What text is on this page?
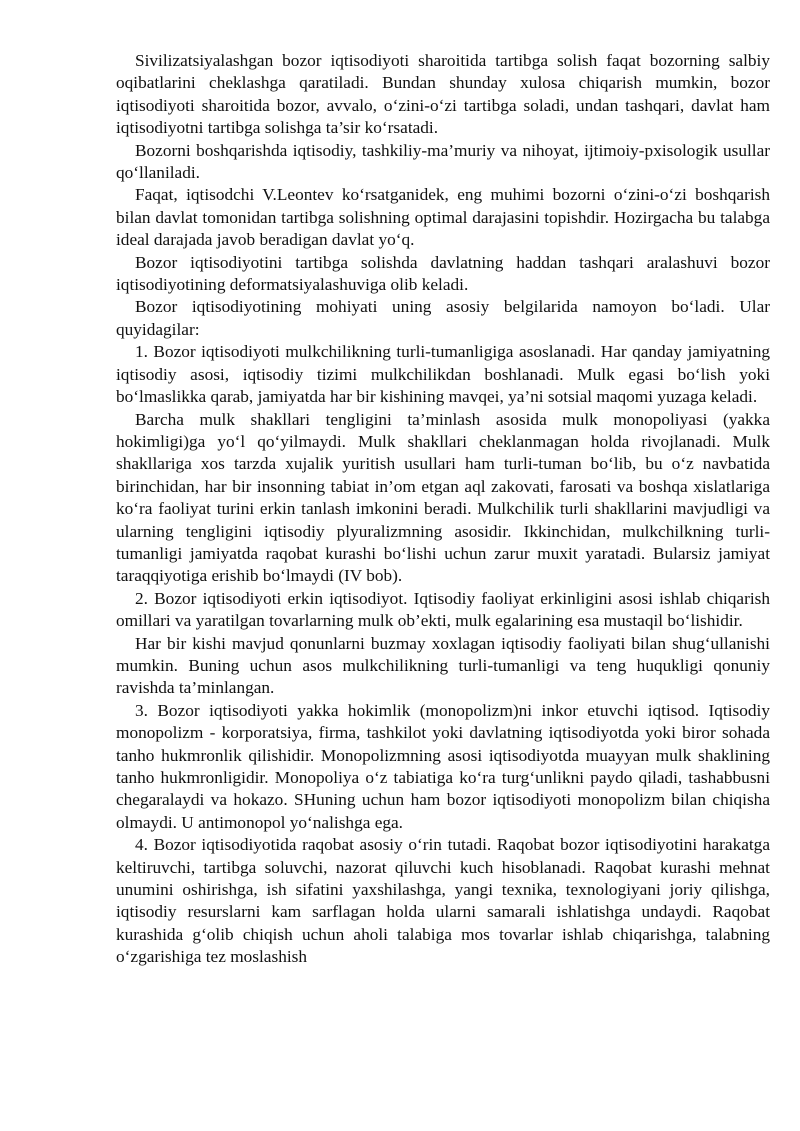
Sivilizatsiyalashgan bozor iqtisodiyoti sharoitida tartibga solish faqat bozorning salbiy oqibatlarini cheklashga qaratiladi. Bundan shunday xulosa chiqarish mumkin, bozor iqtisodiyoti sharoitida bozor, avvalo, o‘zini-o‘zi tartibga soladi, undan tashqari, davlat ham iqtisodiyotni tartibga solishga ta’sir ko‘rsatadi.

Bozorni boshqarishda iqtisodiy, tashkiliy-ma’muriy va nihoyat, ijtimoiy-pxisologik usullar qo‘llaniladi.

Faqat, iqtisodchi V.Leontev ko‘rsatganidek, eng muhimi bozorni o‘zini-o‘zi boshqarish bilan davlat tomonidan tartibga solishning optimal darajasini topishdir. Hozirgacha bu talabga ideal darajada javob beradigan davlat yo‘q.

Bozor iqtisodiyotini tartibga solishda davlatning haddan tashqari aralashuvi bozor iqtisodiyotining deformatsiyalashuviga olib keladi.

Bozor iqtisodiyotining mohiyati uning asosiy belgilarida namoyon bo‘ladi. Ular quyidagilar:

1. Bozor iqtisodiyoti mulkchilikning turli-tumanligiga asoslanadi. Har qanday jamiyatning iqtisodiy asosi, iqtisodiy tizimi mulkchilikdan boshlanadi. Mulk egasi bo‘lish yoki bo‘lmaslikka qarab, jamiyatda har bir kishining mavqei, ya’ni sotsial maqomi yuzaga keladi.

Barcha mulk shakllari tengligini ta’minlash asosida mulk monopoliyasi (yakka hokimligi)ga yo‘l qo‘yilmaydi. Mulk shakllari cheklanmagan holda rivojlanadi. Mulk shakllariga xos tarzda xujalik yuritish usullari ham turli-tuman bo‘lib, bu o‘z navbatida birinchidan, har bir insonning tabiat in’om etgan aql zakovati, farosati va boshqa xislatlariga ko‘ra faoliyat turini erkin tanlash imkonini beradi. Mulkchilik turli shakllarini mavjudligi va ularning tengligini iqtisodiy plyuralizmning asosidir. Ikkinchidan, mulkchilkning turli-tumanligi jamiyatda raqobat kurashi bo‘lishi uchun zarur muxit yaratadi. Bularsiz jamiyat taraqqiyotiga erishib bo‘lmaydi (IV bob).

2. Bozor iqtisodiyoti erkin iqtisodiyot. Iqtisodiy faoliyat erkinligini asosi ishlab chiqarish omillari va yaratilgan tovarlarning mulk ob’ekti, mulk egalarining esa mustaqil bo‘lishidir.

Har bir kishi mavjud qonunlarni buzmay xoxlagan iqtisodiy faoliyati bilan shug‘ullanishi mumkin. Buning uchun asos mulkchilikning turli-tumanligi va teng huqukligi qonuniy ravishda ta’minlangan.

3. Bozor iqtisodiyoti yakka hokimlik (monopolizm)ni inkor etuvchi iqtisod. Iqtisodiy monopolizm - korporatsiya, firma, tashkilot yoki davlatning iqtisodiyotda yoki biror sohada tanho hukmronlik qilishidir. Monopolizmning asosi iqtisodiyotda muayyan mulk shaklining tanho hukmronligidir. Monopoliya o‘z tabiatiga ko‘ra turg‘unlikni paydo qiladi, tashabbusni chegaralaydi va hokazo. SHuning uchun ham bozor iqtisodiyoti monopolizm bilan chiqisha olmaydi. U antimonopol yo‘nalishga ega.

4. Bozor iqtisodiyotida raqobat asosiy o‘rin tutadi. Raqobat bozor iqtisodiyotini harakatga keltiruvchi, tartibga soluvchi, nazorat qiluvchi kuch hisoblanadi. Raqobat kurashi mehnat unumini oshirishga, ish sifatini yaxshilashga, yangi texnika, texnologiyani joriy qilishga, iqtisodiy resurslarni kam sarflagan holda ularni samarali ishlatishga undaydi. Raqobat kurashida g‘olib chiqish uchun aholi talabiga mos tovarlar ishlab chiqarishga, talabning o‘zgarishiga tez moslashish
